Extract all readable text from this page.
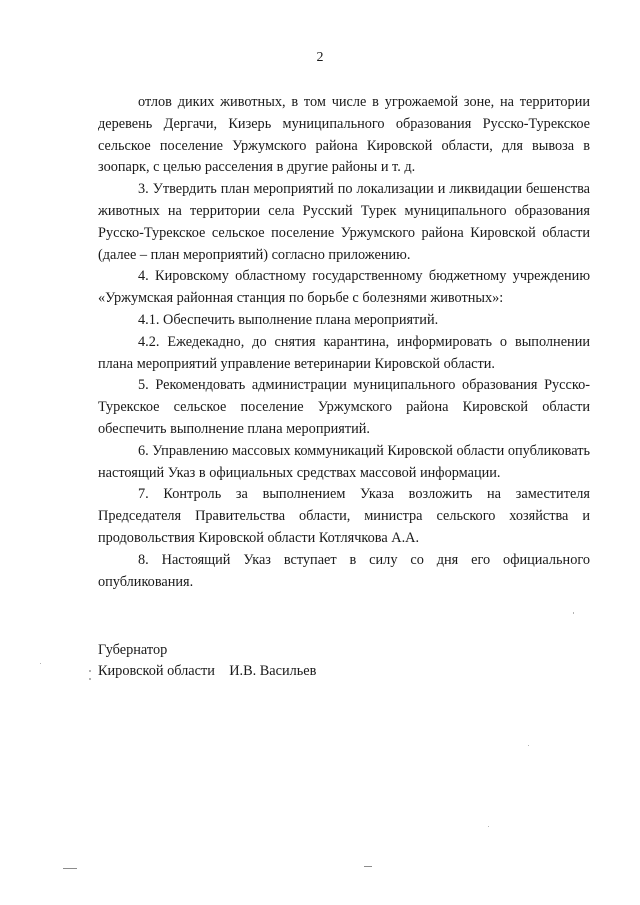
2

отлов диких животных, в том числе в угрожаемой зоне, на территории деревень Дергачи, Кизерь муниципального образования Русско-Турекское сельское поселение Уржумского района Кировской области, для вывоза в зоопарк, с целью расселения в другие районы и т. д.

3. Утвердить план мероприятий по локализации и ликвидации бешенства животных на территории села Русский Турек муниципального образования Русско-Турекское сельское поселение Уржумского района Кировской области (далее – план мероприятий) согласно приложению.

4. Кировскому областному государственному бюджетному учреждению «Уржумская районная станция по борьбе с болезнями животных»:

4.1. Обеспечить выполнение плана мероприятий.

4.2. Ежедекадно, до снятия карантина, информировать о выполнении плана мероприятий управление ветеринарии Кировской области.

5. Рекомендовать администрации муниципального образования Русско-Турекское сельское поселение Уржумского района Кировской области обеспечить выполнение плана мероприятий.

6. Управлению массовых коммуникаций Кировской области опубликовать настоящий Указ в официальных средствах массовой информации.

7. Контроль за выполнением Указа возложить на заместителя Председателя Правительства области, министра сельского хозяйства и продовольствия Кировской области Котлячкова А.А.

8. Настоящий Указ вступает в силу со дня его официального опубликования.

Губернатор
Кировской области И.В. Васильев
